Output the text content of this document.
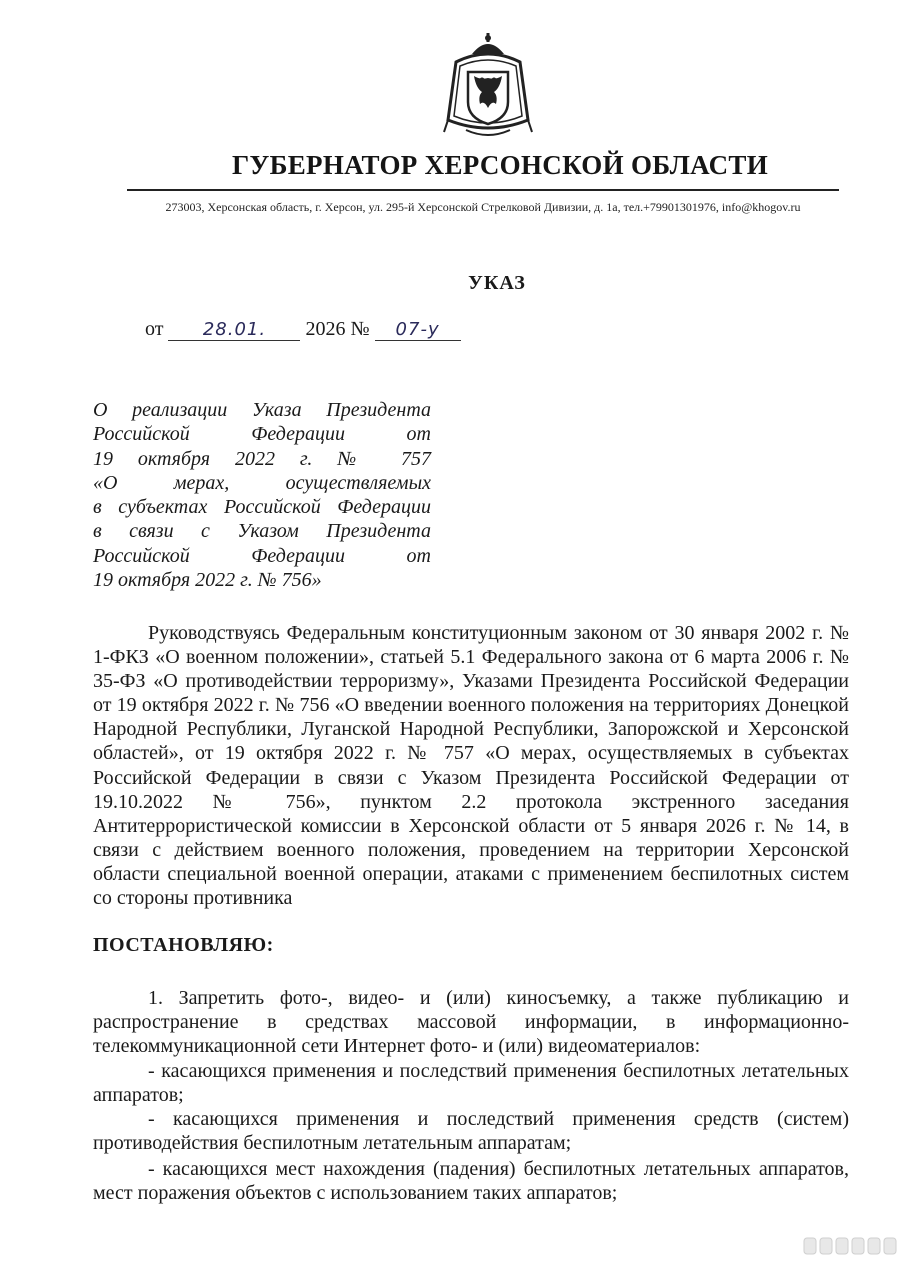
ГУБЕРНАТОР ХЕРСОНСКОЙ ОБЛАСТИ
273003, Херсонская область, г. Херсон, ул. 295-й Херсонской Стрелковой Дивизии, д. 1а, тел.+79901301976, info@khogov.ru
УКАЗ
от 28.01. 2026 № 07-у
О реализации Указа Президента
Российской Федерации от
19 октября 2022 г. № 757
«О мерах, осуществляемых
в субъектах Российской Федерации
в связи с Указом Президента
Российской Федерации от
19 октября 2022 г. № 756»
Руководствуясь Федеральным конституционным законом от 30 января 2002 г. № 1-ФКЗ «О военном положении», статьей 5.1 Федерального закона от 6 марта 2006 г. № 35-ФЗ «О противодействии терроризму», Указами Президента Российской Федерации от 19 октября 2022 г. № 756 «О введении военного положения на территориях Донецкой Народной Республики, Луганской Народной Республики, Запорожской и Херсонской областей», от 19 октября 2022 г. № 757 «О мерах, осуществляемых в субъектах Российской Федерации в связи с Указом Президента Российской Федерации от 19.10.2022 № 756», пунктом 2.2 протокола экстренного заседания Антитеррористической комиссии в Херсонской области от 5 января 2026 г. № 14, в связи с действием военного положения, проведением на территории Херсонской области специальной военной операции, атаками с применением беспилотных систем со стороны противника
ПОСТАНОВЛЯЮ:
1. Запретить фото-, видео- и (или) киносъемку, а также публикацию и распространение в средствах массовой информации, в информационно-телекоммуникационной сети Интернет фото- и (или) видеоматериалов:
- касающихся применения и последствий применения беспилотных летательных аппаратов;
- касающихся применения и последствий применения средств (систем) противодействия беспилотным летательным аппаратам;
- касающихся мест нахождения (падения) беспилотных летательных аппаратов, мест поражения объектов с использованием таких аппаратов;
